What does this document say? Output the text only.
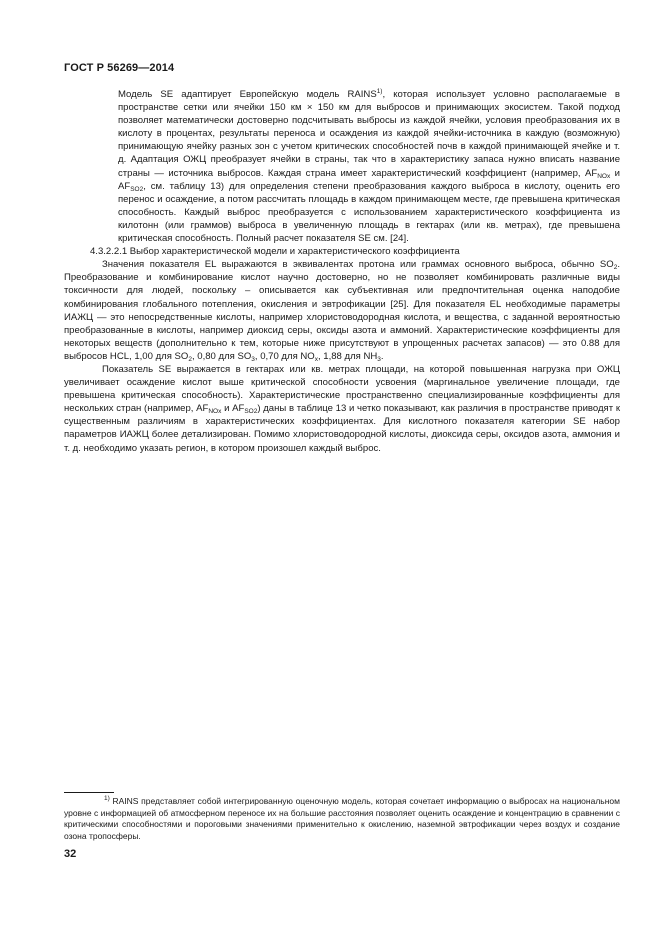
ГОСТ Р 56269—2014

Модель SE адаптирует Европейскую модель RAINS$^{1)}$, которая использует условно располагаемые в пространстве сетки или ячейки 150 км × 150 км для выбросов и принимающих экосистем. Такой подход позволяет математически достоверно подсчитывать выбросы из каждой ячейки, условия преобразования их в кислоту в процентах, результаты переноса и осаждения из каждой ячейки-источника в каждую (возможную) принимающую ячейку разных зон с учетом критических способностей почв в каждой принимающей ячейке и т. д. Адаптация ОЖЦ преобразует ячейки в страны, так что в характеристику запаса нужно вписать название страны — источника выбросов. Каждая страна имеет характеристический коэффициент (например, $AF_{NOx}$ и $AF_{SO2}$, см. таблицу 13) для определения степени преобразования каждого выброса в кислоту, оценить его перенос и осаждение, а потом рассчитать площадь в каждом принимающем месте, где превышена критическая способность. Каждый выброс преобразуется с использованием характеристического коэффициента из килотонн (или граммов) выброса в увеличенную площадь в гектарах (или кв. метрах), где превышена критическая способность. Полный расчет показателя SE см. [24].

4.3.2.2.1 Выбор характеристической модели и характеристического коэффициента

Значения показателя EL выражаются в эквивалентах протона или граммах основного выброса, обычно $SO_2$. Преобразование и комбинирование кислот научно достоверно, но не позволяет комбинировать различные виды токсичности для людей, поскольку – описывается как субъективная или предпочтительная оценка наподобие комбинирования глобального потепления, окисления и эвтрофикации [25]. Для показателя EL необходимые параметры ИАЖЦ — это непосредственные кислоты, например хлористоводородная кислота, и вещества, с заданной вероятностью преобразованные в кислоты, например диоксид серы, оксиды азота и аммоний. Характеристические коэффициенты для некоторых веществ (дополнительно к тем, которые ниже присутствуют в упрощенных расчетах запасов) — это 0.88 для выбросов HCL, 1,00 для $SO_2$, 0,80 для $SO_3$, 0,70 для $NO_x$, 1,88 для $NH_3$.

Показатель SE выражается в гектарах или кв. метрах площади, на которой повышенная нагрузка при ОЖЦ увеличивает осаждение кислот выше критической способности усвоения (маргинальное увеличение площади, где превышена критическая способность). Характеристические пространственно специализированные коэффициенты для нескольких стран (например, $AF_{NOx}$ и $AF_{SO2}$) даны в таблице 13 и четко показывают, как различия в пространстве приводят к существенным различиям в характеристических коэффициентах. Для кислотного показателя категории SE набор параметров ИАЖЦ более детализирован. Помимо хлористоводородной кислоты, диоксида серы, оксидов азота, аммония и т. д. необходимо указать регион, в котором произошел каждый выброс.

$^{1)}$ RAINS представляет собой интегрированную оценочную модель, которая сочетает информацию о выбросах на национальном уровне с информацией об атмосферном переносе их на большие расстояния позволяет оценить осаждение и концентрацию в сравнении с критическими способностями и пороговыми значениями применительно к окислению, наземной эвтрофикации через воздух и создание озона тропосферы.

32
